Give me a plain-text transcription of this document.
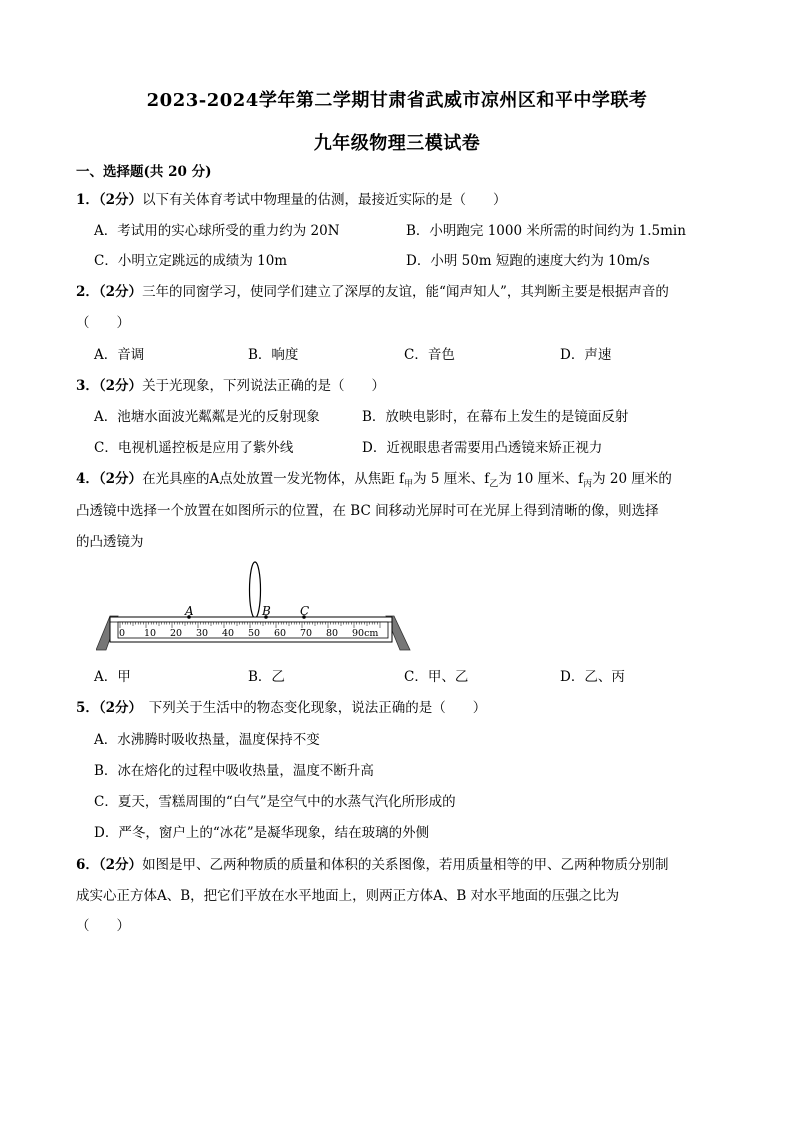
2023-2024学年第二学期甘肃省武威市凉州区和平中学联考
九年级物理三模试卷
一、选择题(共 20 分)
1．（2分）以下有关体育考试中物理量的估测，最接近实际的是（　　）
A．考试用的实心球所受的重力约为 20N	B．小明跑完 1000 米所需的时间约为 1.5min
C．小明立定跳远的成绩为 10m	D．小明 50m 短跑的速度大约为 10m/s
2．（2分）三年的同窗学习，使同学们建立了深厚的友谊，能“闻声知人”，其判断主要是根据声音的
（　　）
A．音调	B．响度	C．音色	D．声速
3．（2分）关于光现象，下列说法正确的是（　　）
A．池塘水面波光粼粼是光的反射现象	B．放映电影时，在幕布上发生的是镜面反射
C．电视机遥控板是应用了紫外线	D．近视眼患者需要用凸透镜来矫正视力
4．（2分）在光具座的A点处放置一发光物体，从焦距 $f_甲$为 5 厘米、$f_乙$为 10 厘米、$f_丙$为 20 厘米的
凸透镜中选择一个放置在如图所示的位置，在 BC 间移动光屏时可在光屏上得到清晰的像，则选择
的凸透镜为
0 10 20 30 40 50 60 70 80 90cm
A	B C
A．甲	B．乙	C．甲、乙	D．乙、丙
5．（2分）　下列关于生活中的物态变化现象，说法正确的是（　　）
A．水沸腾时吸收热量，温度保持不变
B．冰在熔化的过程中吸收热量，温度不断升高
C．夏天，雪糕周围的“白气”是空气中的水蒸气汽化所形成的
D．严冬，窗户上的“冰花”是凝华现象，结在玻璃的外侧
6．（2分）如图是甲、乙两种物质的质量和体积的关系图像，若用质量相等的甲、乙两种物质分别制
成实心正方体A、B，把它们平放在水平地面上，则两正方体A、B 对水平地面的压强之比为
（　　）
